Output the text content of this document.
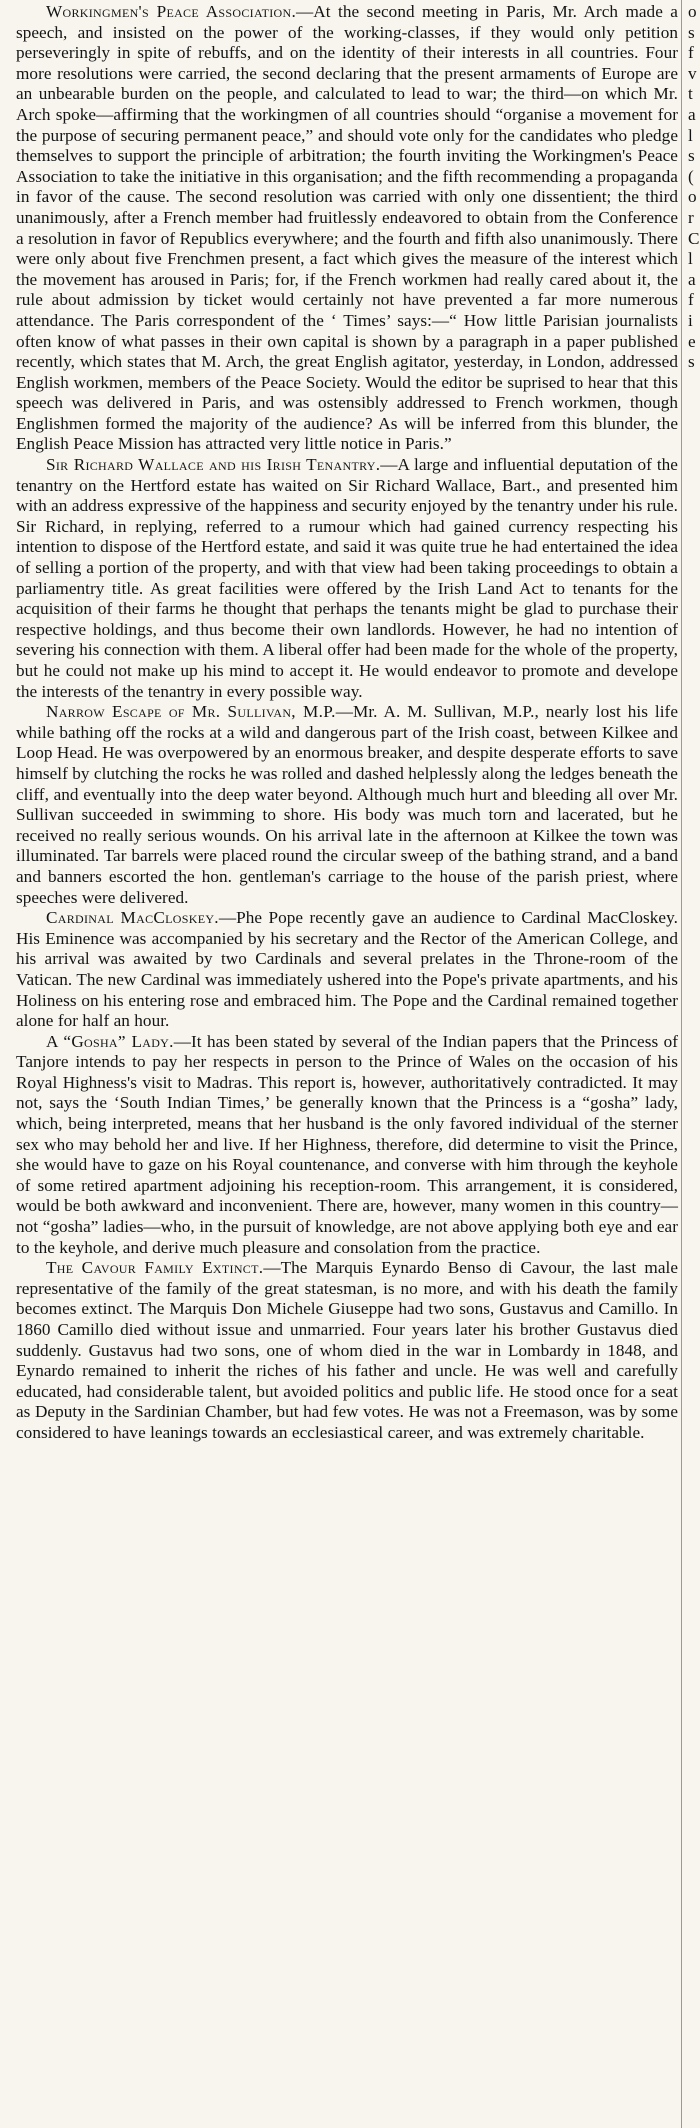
Workingmen's Peace Association.—At the second meeting in Paris, Mr. Arch made a speech, and insisted on the power of the working-classes, if they would only petition perseveringly in spite of rebuffs, and on the identity of their interests in all countries. Four more resolutions were carried, the second declaring that the present armaments of Europe are an unbearable burden on the people, and calculated to lead to war; the third—on which Mr. Arch spoke—affirming that the workingmen of all countries should “organise a movement for the purpose of securing permanent peace,” and should vote only for the candidates who pledge themselves to support the principle of arbitration; the fourth inviting the Workingmen's Peace Association to take the initiative in this organisation; and the fifth recommending a propaganda in favor of the cause. The second resolution was carried with only one dissentient; the third unanimously, after a French member had fruitlessly endeavored to obtain from the Conference a resolution in favor of Republics everywhere; and the fourth and fifth also unanimously. There were only about five Frenchmen present, a fact which gives the measure of the interest which the movement has aroused in Paris; for, if the French workmen had really cared about it, the rule about admission by ticket would certainly not have prevented a far more numerous attendance. The Paris correspondent of the ‘ Times’ says:—“ How little Parisian journalists often know of what passes in their own capital is shown by a paragraph in a paper published recently, which states that M. Arch, the great English agitator, yesterday, in London, addressed English workmen, members of the Peace Society. Would the editor be suprised to hear that this speech was delivered in Paris, and was ostensibly addressed to French workmen, though Englishmen formed the majority of the audience? As will be inferred from this blunder, the English Peace Mission has attracted very little notice in Paris.”

Sir Richard Wallace and his Irish Tenantry.—A large and influential deputation of the tenantry on the Hertford estate has waited on Sir Richard Wallace, Bart., and presented him with an address expressive of the happiness and security enjoyed by the tenantry under his rule. Sir Richard, in replying, referred to a rumour which had gained currency respecting his intention to dispose of the Hertford estate, and said it was quite true he had entertained the idea of selling a portion of the property, and with that view had been taking proceedings to obtain a parliamentry title. As great facilities were offered by the Irish Land Act to tenants for the acquisition of their farms he thought that perhaps the tenants might be glad to purchase their respective holdings, and thus become their own landlords. However, he had no intention of severing his connection with them. A liberal offer had been made for the whole of the property, but he could not make up his mind to accept it. He would endeavor to promote and develope the interests of the tenantry in every possible way.

Narrow Escape of Mr. Sullivan, M.P.—Mr. A. M. Sullivan, M.P., nearly lost his life while bathing off the rocks at a wild and dangerous part of the Irish coast, between Kilkee and Loop Head. He was overpowered by an enormous breaker, and despite desperate efforts to save himself by clutching the rocks he was rolled and dashed helplessly along the ledges beneath the cliff, and eventually into the deep water beyond. Although much hurt and bleeding all over Mr. Sullivan succeeded in swimming to shore. His body was much torn and lacerated, but he received no really serious wounds. On his arrival late in the afternoon at Kilkee the town was illuminated. Tar barrels were placed round the circular sweep of the bathing strand, and a band and banners escorted the hon. gentleman's carriage to the house of the parish priest, where speeches were delivered.

Cardinal MacCloskey.—Phe Pope recently gave an audience to Cardinal MacCloskey. His Eminence was accompanied by his secretary and the Rector of the American College, and his arrival was awaited by two Cardinals and several prelates in the Throne-room of the Vatican. The new Cardinal was immediately ushered into the Pope's private apartments, and his Holiness on his entering rose and embraced him. The Pope and the Cardinal remained together alone for half an hour.

A “Gosha” Lady.—It has been stated by several of the Indian papers that the Princess of Tanjore intends to pay her respects in person to the Prince of Wales on the occasion of his Royal Highness's visit to Madras. This report is, however, authoritatively contradicted. It may not, says the ‘South Indian Times,’ be generally known that the Princess is a “gosha” lady, which, being interpreted, means that her husband is the only favored individual of the sterner sex who may behold her and live. If her Highness, therefore, did determine to visit the Prince, she would have to gaze on his Royal countenance, and converse with him through the keyhole of some retired apartment adjoining his reception-room. This arrangement, it is considered, would be both awkward and inconvenient. There are, however, many women in this country—not “gosha” ladies—who, in the pursuit of knowledge, are not above applying both eye and ear to the keyhole, and derive much pleasure and consolation from the practice.

The Cavour Family Extinct.—The Marquis Eynardo Benso di Cavour, the last male representative of the family of the great statesman, is no more, and with his death the family becomes extinct. The Marquis Don Michele Giuseppe had two sons, Gustavus and Camillo. In 1860 Camillo died without issue and unmarried. Four years later his brother Gustavus died suddenly. Gustavus had two sons, one of whom died in the war in Lombardy in 1848, and Eynardo remained to inherit the riches of his father and uncle. He was well and carefully educated, had considerable talent, but avoided politics and public life. He stood once for a seat as Deputy in the Sardinian Chamber, but had few votes. He was not a Freemason, was by some considered to have leanings towards an ecclesiastical career, and was extremely charitable.

o
s
f
v
t
a
l
s
(
o
r
C
l
a
f
i
e
s
